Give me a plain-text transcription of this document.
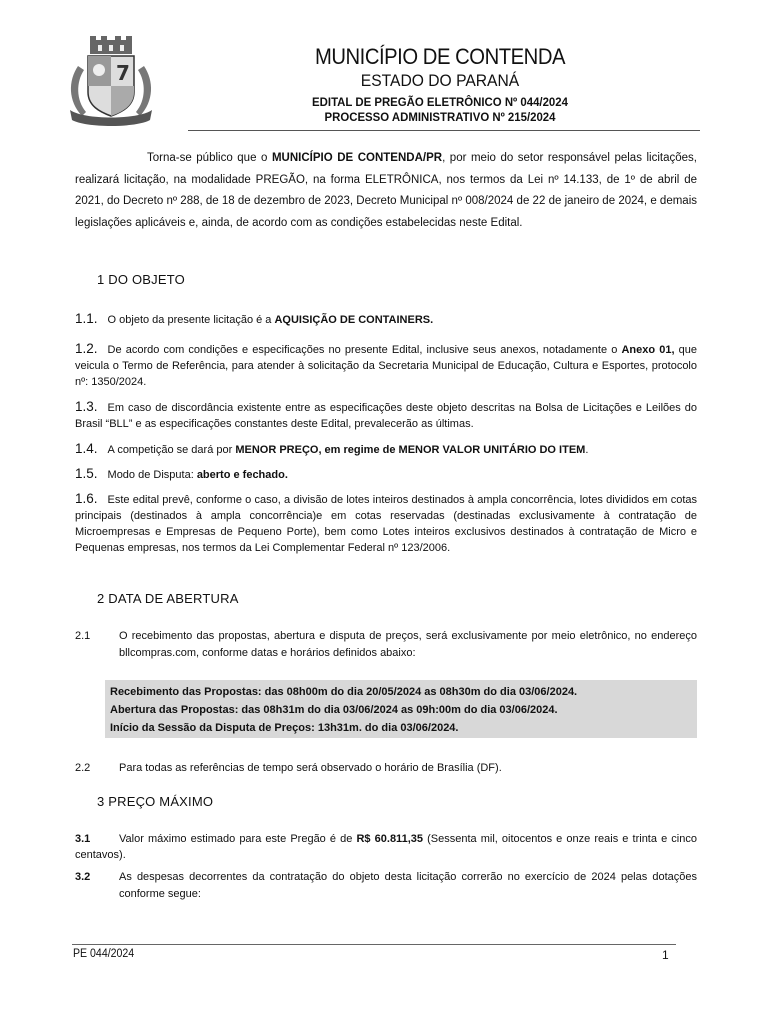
7
MUNICÍPIO DE CONTENDA
ESTADO DO PARANÁ
EDITAL DE PREGÃO ELETRÔNICO Nº 044/2024
PROCESSO ADMINISTRATIVO Nº 215/2024
Torna-se público que o MUNICÍPIO DE CONTENDA/PR, por meio do setor responsável pelas licitações, realizará licitação, na modalidade PREGÃO, na forma ELETRÔNICA, nos termos da Lei nº 14.133, de 1º de abril de 2021, do Decreto nº 288, de 18 de dezembro de 2023, Decreto Municipal nº 008/2024 de 22 de janeiro de 2024, e demais legislações aplicáveis e, ainda, de acordo com as condições estabelecidas neste Edital.
1 DO OBJETO
1.1. O objeto da presente licitação é a AQUISIÇÃO DE CONTAINERS.
1.2. De acordo com condições e especificações no presente Edital, inclusive seus anexos, notadamente o Anexo 01, que veicula o Termo de Referência, para atender à solicitação da Secretaria Municipal de Educação, Cultura e Esportes, protocolo nº: 1350/2024.
1.3. Em caso de discordância existente entre as especificações deste objeto descritas na Bolsa de Licitações e Leilões do Brasil “BLL” e as especificações constantes deste Edital, prevalecerão as últimas.
1.4. A competição se dará por MENOR PREÇO, em regime de MENOR VALOR UNITÁRIO DO ITEM.
1.5. Modo de Disputa: aberto e fechado.
1.6. Este edital prevê, conforme o caso, a divisão de lotes inteiros destinados à ampla concorrência, lotes divididos em cotas principais (destinados à ampla concorrência)e em cotas reservadas (destinadas exclusivamente à contratação de Microempresas e Empresas de Pequeno Porte), bem como Lotes inteiros exclusivos destinados à contratação de Micro e Pequenas empresas, nos termos da Lei Complementar Federal nº 123/2006.
2 DATA DE ABERTURA
2.1	O recebimento das propostas, abertura e disputa de preços, será exclusivamente por meio eletrônico, no endereço bllcompras.com, conforme datas e horários definidos abaixo:
Recebimento das Propostas: das 08h00m do dia 20/05/2024 as 08h30m do dia 03/06/2024.
Abertura das Propostas: das 08h31m do dia 03/06/2024 as 09h:00m do dia 03/06/2024.
Início da Sessão da Disputa de Preços: 13h31m. do dia 03/06/2024.
2.2	Para todas as referências de tempo será observado o horário de Brasília (DF).
3 PREÇO MÁXIMO
3.1	Valor máximo estimado para este Pregão é de R$ 60.811,35 (Sessenta mil, oitocentos e onze reais e trinta e cinco centavos).
3.2	As despesas decorrentes da contratação do objeto desta licitação correrão no exercício de 2024 pelas dotações conforme segue:
PE 044/2024	1
